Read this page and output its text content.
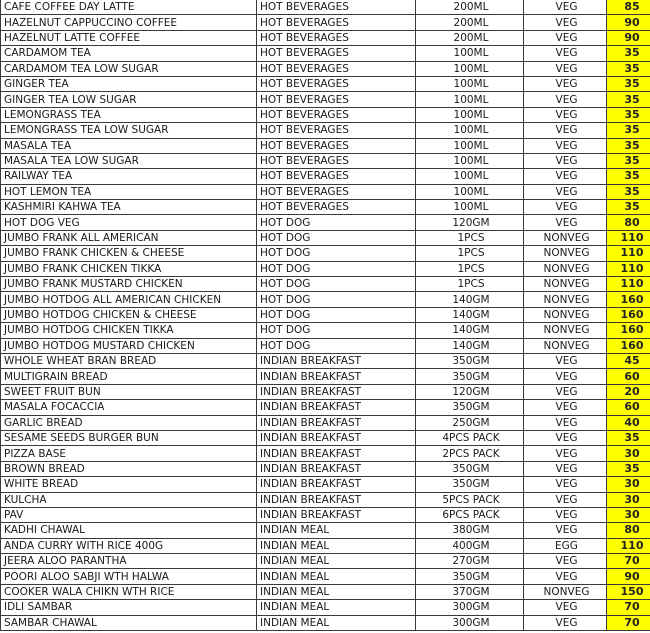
CAFE COFFEE DAY LATTE	HOT BEVERAGES	200ML	VEG	85
HAZELNUT CAPPUCCINO COFFEE	HOT BEVERAGES	200ML	VEG	90
HAZELNUT LATTE COFFEE	HOT BEVERAGES	200ML	VEG	90
CARDAMOM TEA	HOT BEVERAGES	100ML	VEG	35
CARDAMOM TEA LOW SUGAR	HOT BEVERAGES	100ML	VEG	35
GINGER TEA	HOT BEVERAGES	100ML	VEG	35
GINGER TEA LOW SUGAR	HOT BEVERAGES	100ML	VEG	35
LEMONGRASS TEA	HOT BEVERAGES	100ML	VEG	35
LEMONGRASS TEA LOW SUGAR	HOT BEVERAGES	100ML	VEG	35
MASALA TEA	HOT BEVERAGES	100ML	VEG	35
MASALA TEA LOW SUGAR	HOT BEVERAGES	100ML	VEG	35
RAILWAY TEA	HOT BEVERAGES	100ML	VEG	35
HOT LEMON TEA	HOT BEVERAGES	100ML	VEG	35
KASHMIRI KAHWA TEA	HOT BEVERAGES	100ML	VEG	35
HOT DOG VEG	HOT DOG	120GM	VEG	80
JUMBO FRANK ALL AMERICAN	HOT DOG	1PCS	NONVEG	110
JUMBO FRANK CHICKEN & CHEESE	HOT DOG	1PCS	NONVEG	110
JUMBO FRANK CHICKEN TIKKA	HOT DOG	1PCS	NONVEG	110
JUMBO FRANK MUSTARD CHICKEN	HOT DOG	1PCS	NONVEG	110
JUMBO HOTDOG ALL AMERICAN CHICKEN	HOT DOG	140GM	NONVEG	160
JUMBO HOTDOG CHICKEN & CHEESE	HOT DOG	140GM	NONVEG	160
JUMBO HOTDOG CHICKEN TIKKA	HOT DOG	140GM	NONVEG	160
JUMBO HOTDOG MUSTARD CHICKEN	HOT DOG	140GM	NONVEG	160
WHOLE WHEAT BRAN BREAD	INDIAN BREAKFAST	350GM	VEG	45
MULTIGRAIN BREAD	INDIAN BREAKFAST	350GM	VEG	60
SWEET FRUIT BUN	INDIAN BREAKFAST	120GM	VEG	20
MASALA FOCACCIA	INDIAN BREAKFAST	350GM	VEG	60
GARLIC BREAD	INDIAN BREAKFAST	250GM	VEG	40
SESAME SEEDS BURGER BUN	INDIAN BREAKFAST	4PCS PACK	VEG	35
PIZZA BASE	INDIAN BREAKFAST	2PCS PACK	VEG	30
BROWN BREAD	INDIAN BREAKFAST	350GM	VEG	35
WHITE BREAD	INDIAN BREAKFAST	350GM	VEG	30
KULCHA	INDIAN BREAKFAST	5PCS PACK	VEG	30
PAV	INDIAN BREAKFAST	6PCS PACK	VEG	30
KADHI CHAWAL	INDIAN MEAL	380GM	VEG	80
ANDA CURRY WITH RICE 400G	INDIAN MEAL	400GM	EGG	110
JEERA ALOO PARANTHA	INDIAN MEAL	270GM	VEG	70
POORI ALOO SABJI WTH HALWA	INDIAN MEAL	350GM	VEG	90
COOKER WALA CHIKN WTH RICE	INDIAN MEAL	370GM	NONVEG	150
IDLI SAMBAR	INDIAN MEAL	300GM	VEG	70
SAMBAR CHAWAL	INDIAN MEAL	300GM	VEG	70
